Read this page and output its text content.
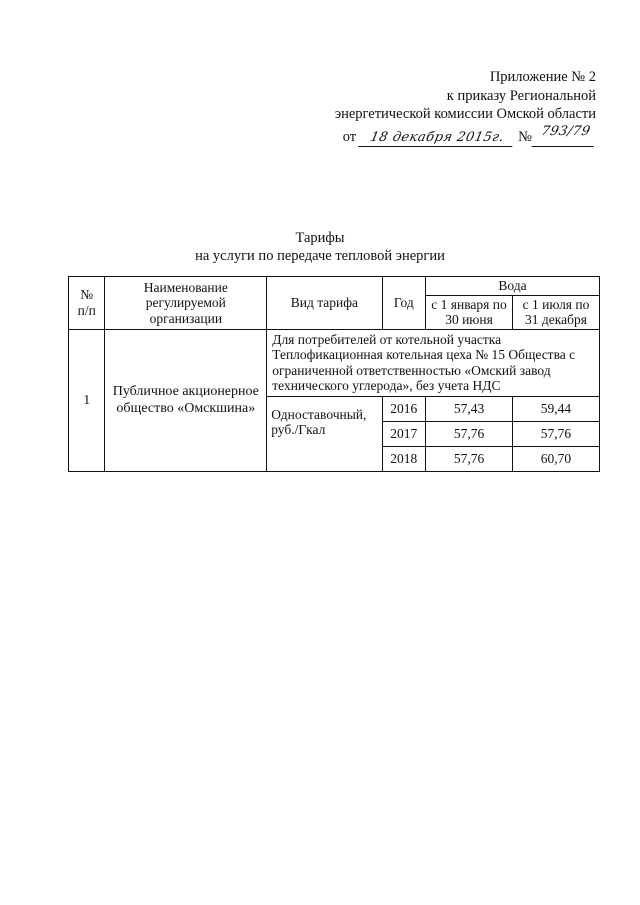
Приложение № 2
к приказу Региональной
энергетической комиссии Омской области
от 18 декабря 2015г. № 793/79
Тарифы
на услуги по передаче тепловой энергии
№
п/п	Наименование регулируемой организации	Вид тарифа	Год	Вода	
				с 1 января по 30 июня	с 1 июля по 31 декабря
1	Публичное акционерное общество «Омскшина»	Для потребителей от котельной участка Теплофикационная котельная цеха № 15 Общества с ограниченной ответственностью «Омский завод технического углерода», без учета НДС			
		Одноставочный, руб./Гкал	2016	57,43	59,44
			2017	57,76	57,76
			2018	57,76	60,70
